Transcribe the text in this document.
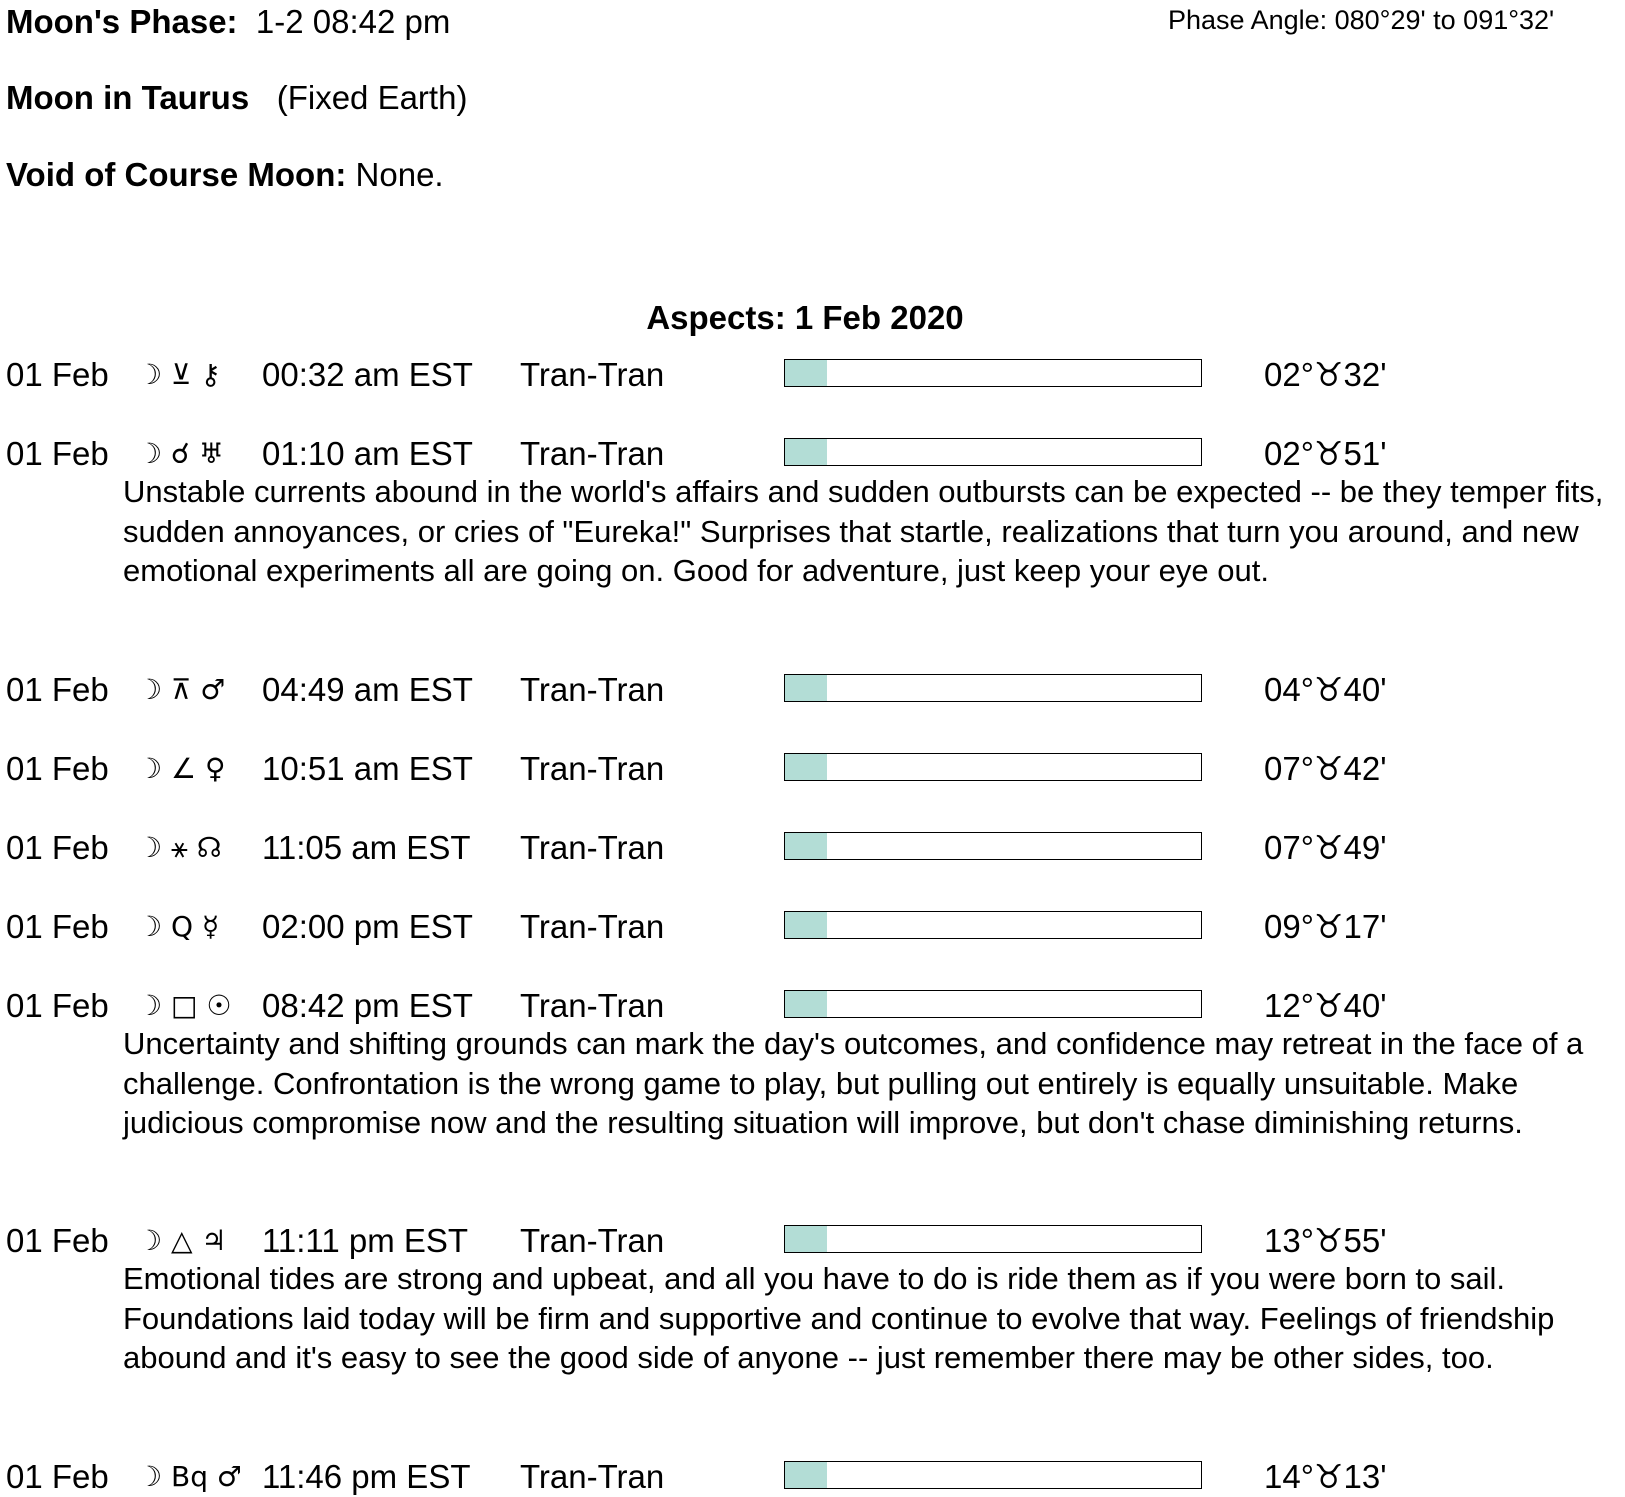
Moon's Phase: 1-2 08:42 pm	Phase Angle: 080°29' to 091°32'
Moon in Taurus (Fixed Earth)
Void of Course Moon: None.
Aspects: 1 Feb 2020
01 Feb ☽ ⊻ ⚷ 00:32 am EST Tran-Tran	02°♉32'
01 Feb ☽ ☌ ♅ 01:10 am EST Tran-Tran	02°♉51'
Unstable currents abound in the world's affairs and sudden outbursts can be expected -- be they temper fits, sudden annoyances, or cries of "Eureka!" Surprises that startle, realizations that turn you around, and new emotional experiments all are going on. Good for adventure, just keep your eye out.
01 Feb ☽ ⊼ ♂ 04:49 am EST Tran-Tran	04°♉40'
01 Feb ☽ ∠ ♀ 10:51 am EST Tran-Tran	07°♉42'
01 Feb ☽ ⚹ ☊ 11:05 am EST Tran-Tran	07°♉49'
01 Feb ☽ Q ☿ 02:00 pm EST Tran-Tran	09°♉17'
01 Feb ☽ □ ☉ 08:42 pm EST Tran-Tran	12°♉40'
Uncertainty and shifting grounds can mark the day's outcomes, and confidence may retreat in the face of a challenge. Confrontation is the wrong game to play, but pulling out entirely is equally unsuitable. Make judicious compromise now and the resulting situation will improve, but don't chase diminishing returns.
01 Feb ☽ △ ♃ 11:11 pm EST Tran-Tran	13°♉55'
Emotional tides are strong and upbeat, and all you have to do is ride them as if you were born to sail. Foundations laid today will be firm and supportive and continue to evolve that way. Feelings of friendship abound and it's easy to see the good side of anyone -- just remember there may be other sides, too.
01 Feb ☽ Bq ♂ 11:46 pm EST Tran-Tran	14°♉13'
